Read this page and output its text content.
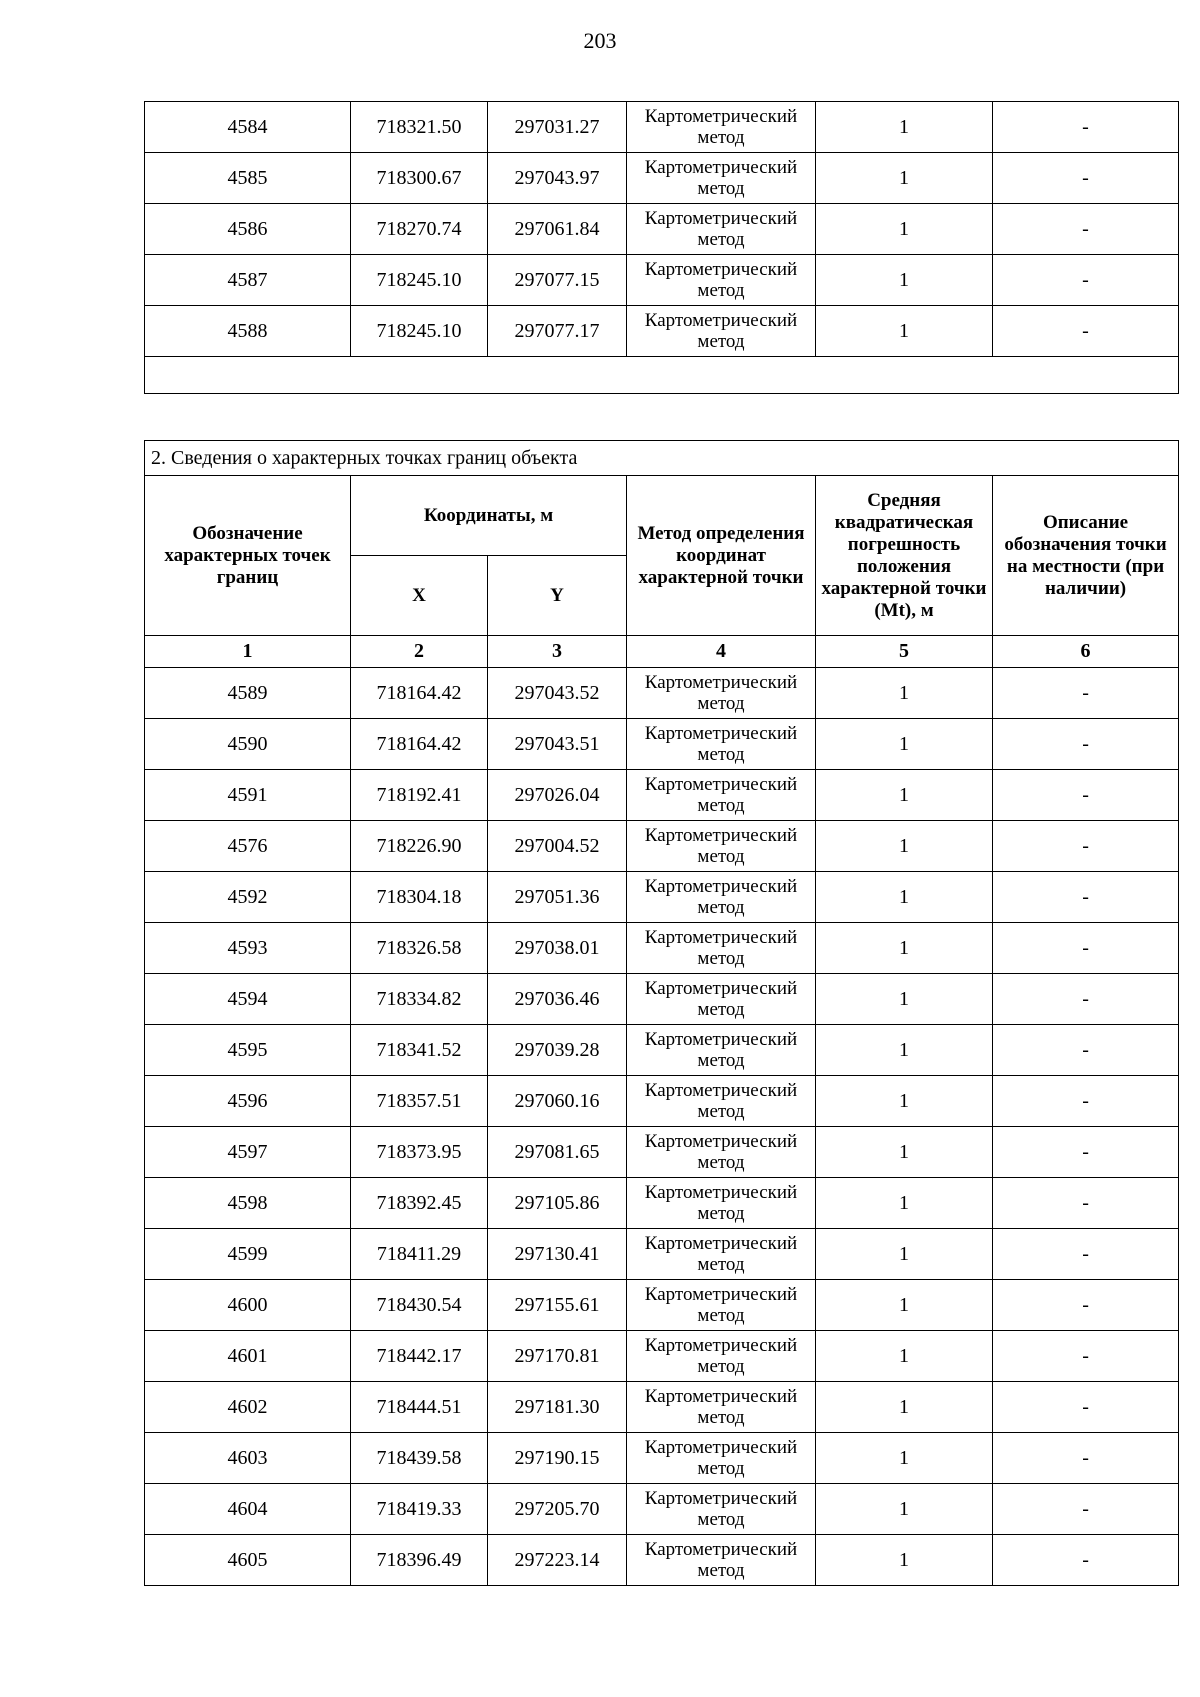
203
4584	718321.50	297031.27	Картометрический метод	1	-
4585	718300.67	297043.97	Картометрический метод	1	-
4586	718270.74	297061.84	Картометрический метод	1	-
4587	718245.10	297077.15	Картометрический метод	1	-
4588	718245.10	297077.17	Картометрический метод	1	-

2. Сведения о характерных точках границ объекта					
Обозначение характерных точек границ	Координаты, м		Метод определения координат характерной точки	Средняя квадратическая погрешность положения характерной точки (Mt), м	Описание обозначения точки на местности (при наличии)
	X	Y			
1	2	3	4	5	6
4589	718164.42	297043.52	Картометрический метод	1	-
4590	718164.42	297043.51	Картометрический метод	1	-
4591	718192.41	297026.04	Картометрический метод	1	-
4576	718226.90	297004.52	Картометрический метод	1	-
4592	718304.18	297051.36	Картометрический метод	1	-
4593	718326.58	297038.01	Картометрический метод	1	-
4594	718334.82	297036.46	Картометрический метод	1	-
4595	718341.52	297039.28	Картометрический метод	1	-
4596	718357.51	297060.16	Картометрический метод	1	-
4597	718373.95	297081.65	Картометрический метод	1	-
4598	718392.45	297105.86	Картометрический метод	1	-
4599	718411.29	297130.41	Картометрический метод	1	-
4600	718430.54	297155.61	Картометрический метод	1	-
4601	718442.17	297170.81	Картометрический метод	1	-
4602	718444.51	297181.30	Картометрический метод	1	-
4603	718439.58	297190.15	Картометрический метод	1	-
4604	718419.33	297205.70	Картометрический метод	1	-
4605	718396.49	297223.14	Картометрический метод	1	-
